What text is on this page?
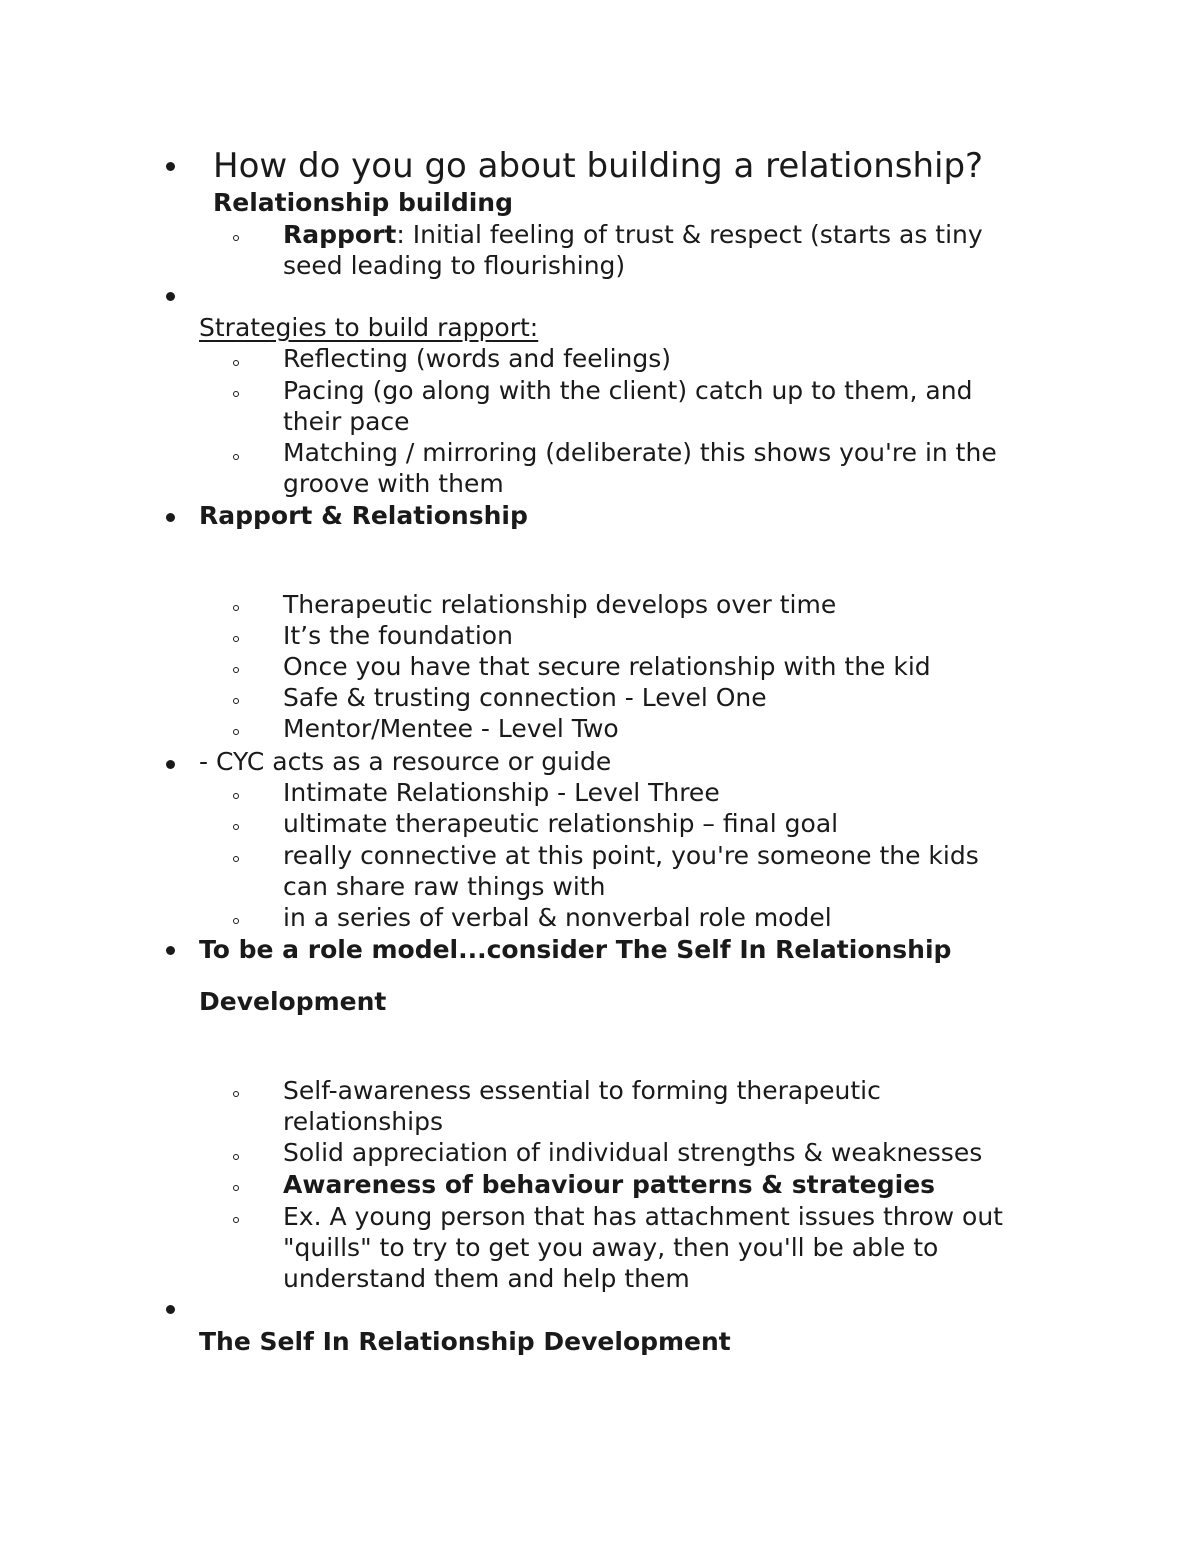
How do you go about building a relationship?
Relationship building
Rapport: Initial feeling of trust & respect (starts as tiny
seed leading to flourishing)
Strategies to build rapport:
Reflecting (words and feelings)
Pacing (go along with the client) catch up to them, and
their pace
Matching / mirroring (deliberate) this shows you're in the
groove with them
Rapport & Relationship
Therapeutic relationship develops over time
It’s the foundation
Once you have that secure relationship with the kid
Safe & trusting connection - Level One
Mentor/Mentee - Level Two
- CYC acts as a resource or guide
Intimate Relationship - Level Three
ultimate therapeutic relationship – final goal
really connective at this point, you're someone the kids
can share raw things with
in a series of verbal & nonverbal role model
To be a role model...consider The Self In Relationship
Development
Self-awareness essential to forming therapeutic
relationships
Solid appreciation of individual strengths & weaknesses
Awareness of behaviour patterns & strategies
Ex. A young person that has attachment issues throw out
"quills" to try to get you away, then you'll be able to
understand them and help them
The Self In Relationship Development
